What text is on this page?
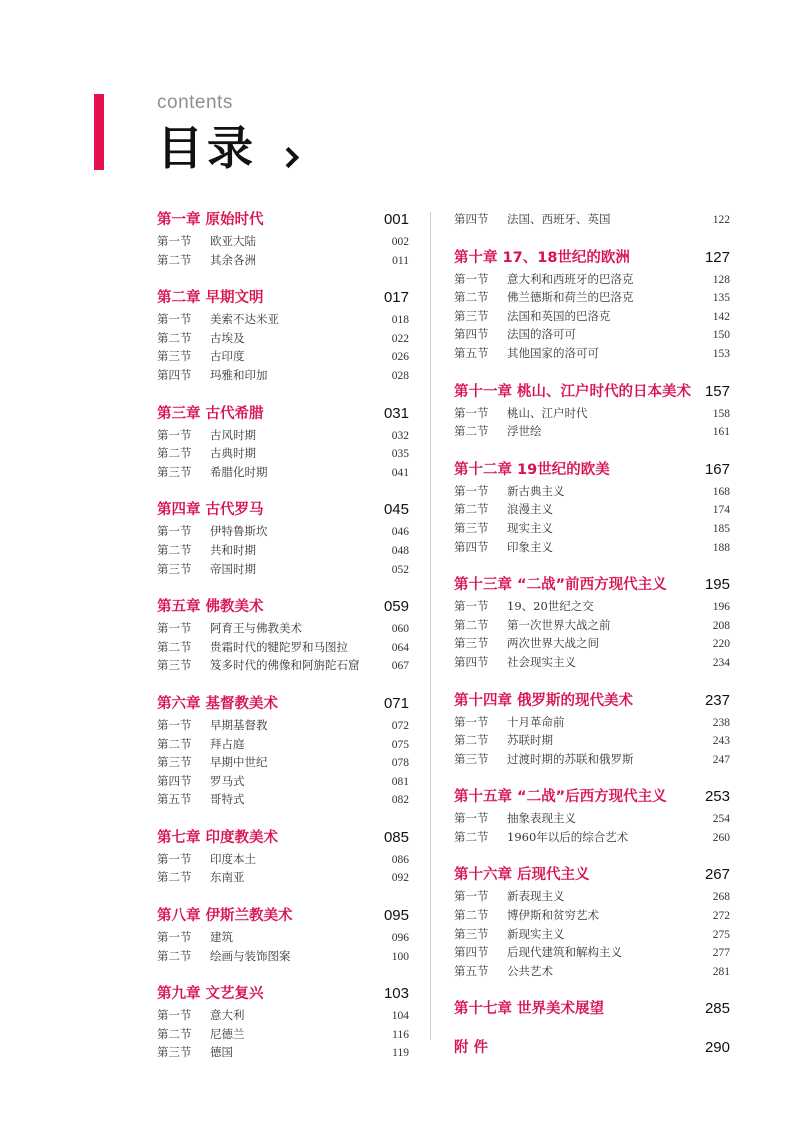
contents
目录
第一章 原始时代	001
第一节 欧亚大陆	002
第二节 其余各洲	011
第二章 早期文明	017
第一节 美索不达米亚	018
第二节 古埃及	022
第三节 古印度	026
第四节 玛雅和印加	028
第三章 古代希腊	031
第一节 古风时期	032
第二节 古典时期	035
第三节 希腊化时期	041
第四章 古代罗马	045
第一节 伊特鲁斯坎	046
第二节 共和时期	048
第三节 帝国时期	052
第五章 佛教美术	059
第一节 阿育王与佛教美术	060
第二节 贵霜时代的犍陀罗和马图拉	064
第三节 笈多时代的佛像和阿旃陀石窟	067
第六章 基督教美术	071
第一节 早期基督教	072
第二节 拜占庭	075
第三节 早期中世纪	078
第四节 罗马式	081
第五节 哥特式	082
第七章 印度教美术	085
第一节 印度本土	086
第二节 东南亚	092
第八章 伊斯兰教美术	095
第一节 建筑	096
第二节 绘画与装饰图案	100
第九章 文艺复兴	103
第一节 意大利	104
第二节 尼德兰	116
第三节 德国	119
第四节 法国、西班牙、英国	122
第十章 17、18世纪的欧洲	127
第一节 意大利和西班牙的巴洛克	128
第二节 佛兰德斯和荷兰的巴洛克	135
第三节 法国和英国的巴洛克	142
第四节 法国的洛可可	150
第五节 其他国家的洛可可	153
第十一章 桃山、江户时代的日本美术 157
第一节 桃山、江户时代	158
第二节 浮世绘	161
第十二章 19世纪的欧美	167
第一节 新古典主义	168
第二节 浪漫主义	174
第三节 现实主义	185
第四节 印象主义	188
第十三章 “二战”前西方现代主义	195
第一节 19、20世纪之交	196
第二节 第一次世界大战之前	208
第三节 两次世界大战之间	220
第四节 社会现实主义	234
第十四章 俄罗斯的现代美术	237
第一节 十月革命前	238
第二节 苏联时期	243
第三节 过渡时期的苏联和俄罗斯	247
第十五章 “二战”后西方现代主义	253
第一节 抽象表现主义	254
第二节 1960年以后的综合艺术	260
第十六章 后现代主义	267
第一节 新表现主义	268
第二节 博伊斯和贫穷艺术	272
第三节 新现实主义	275
第四节 后现代建筑和解构主义	277
第五节 公共艺术	281
第十七章 世界美术展望	285
附 件	290
